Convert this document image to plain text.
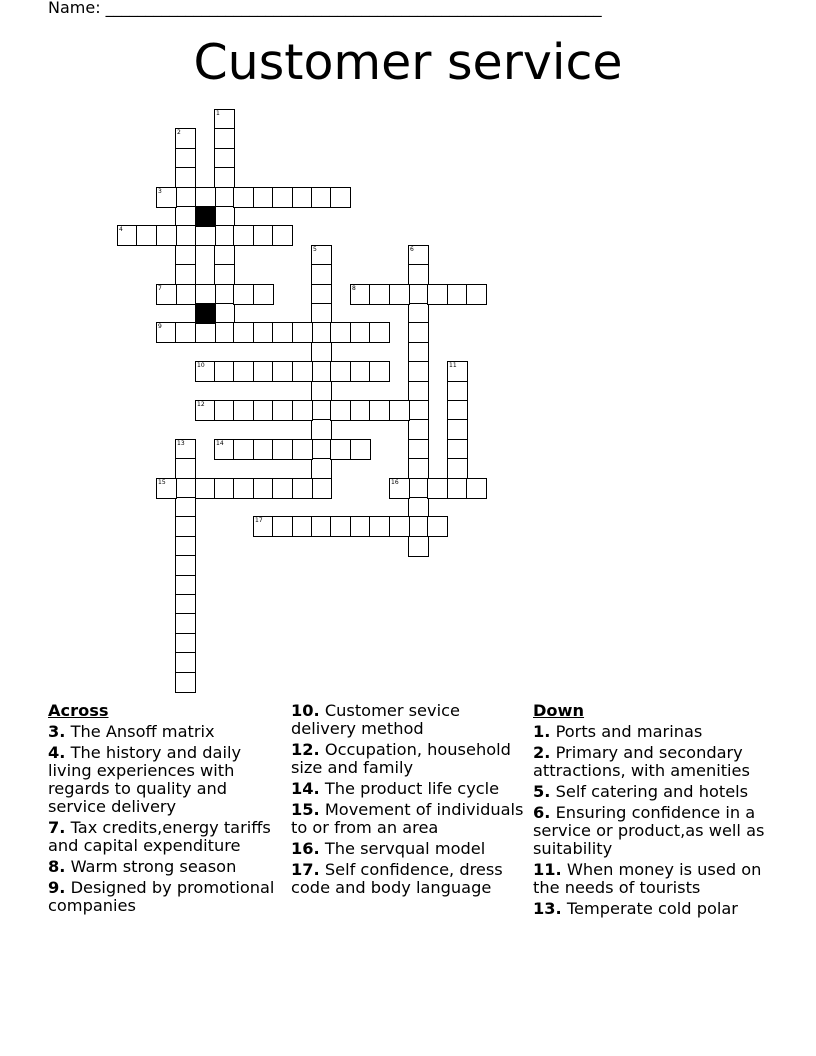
Name: ______________________________________________________________
Customer service
1
2
3
4
5	6
7	8
9
10	11
12
13	14
15	16
17
Across
3. The Ansoff matrix
4. The history and daily living experiences with regards to quality and service delivery
7. Tax credits,energy tariffs and capital expenditure
8. Warm strong season
9. Designed by promotional companies
10. Customer sevice delivery method
12. Occupation, household size and family
14. The product life cycle
15. Movement of individuals to or from an area
16. The servqual model
17. Self confidence, dress code and body language
Down
1. Ports and marinas
2. Primary and secondary attractions, with amenities
5. Self catering and hotels
6. Ensuring confidence in a service or product,as well as suitability
11. When money is used on the needs of tourists
13. Temperate cold polar
